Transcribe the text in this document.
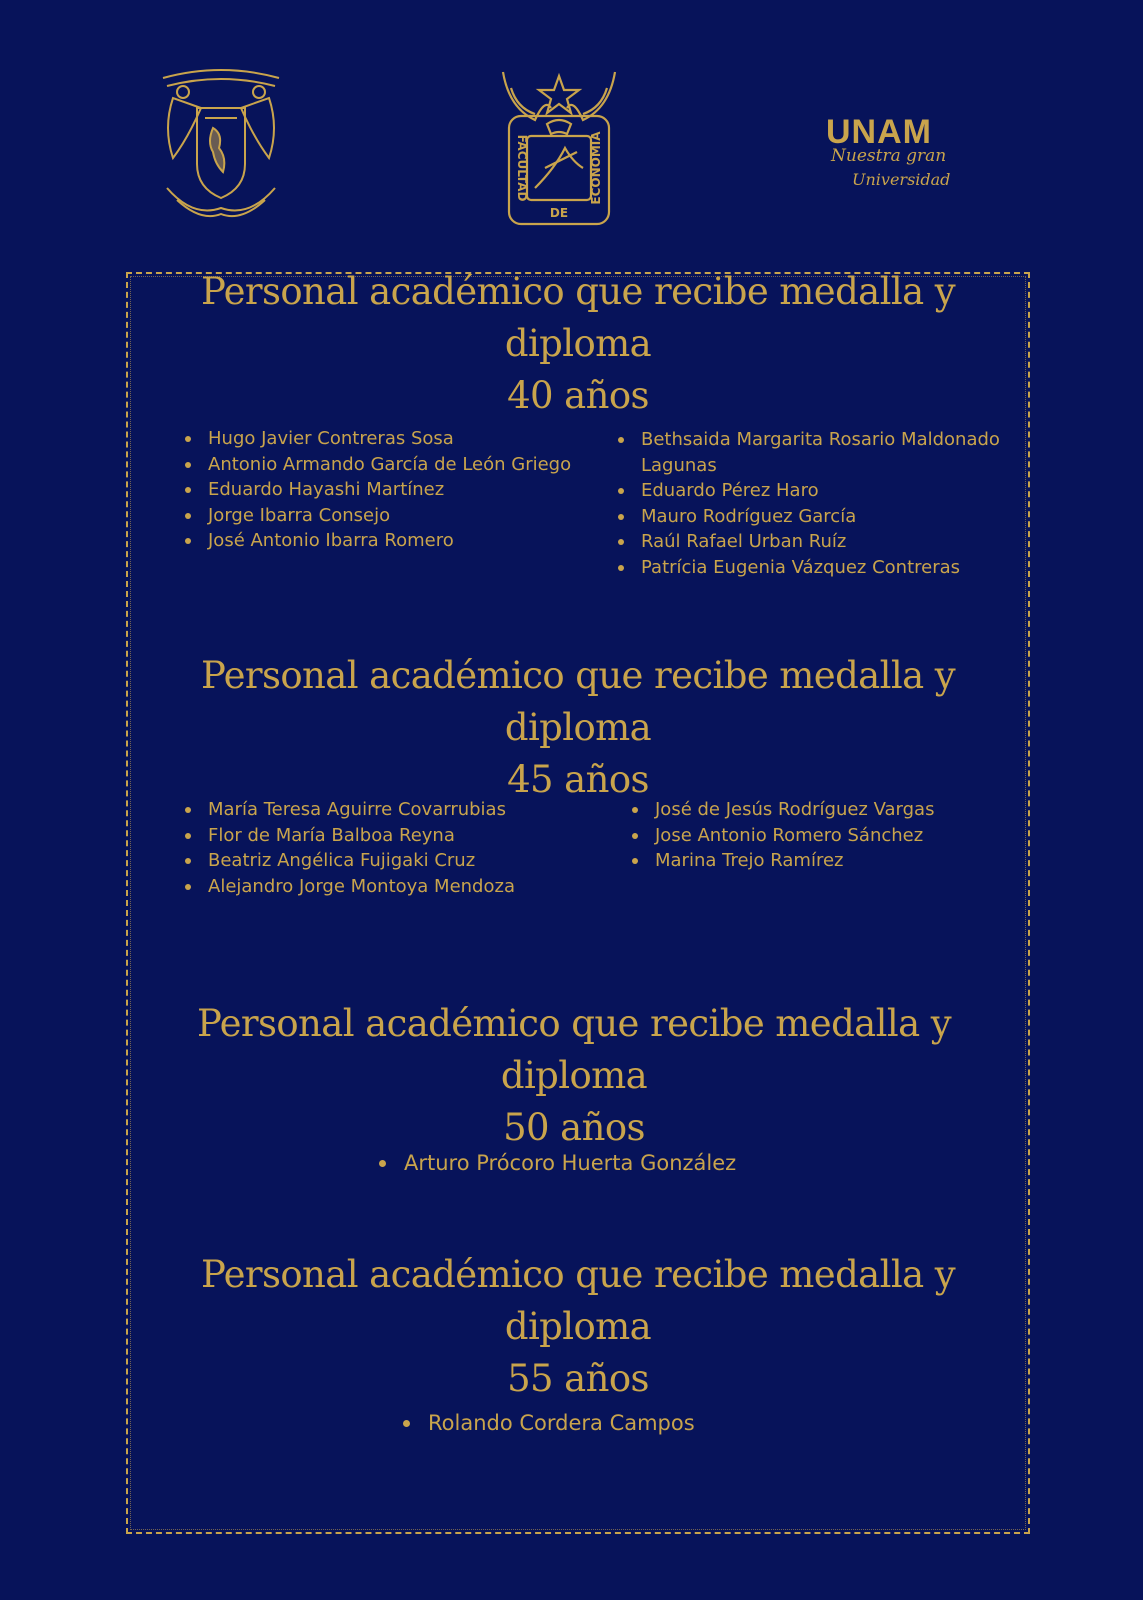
FACULTAD	ECONOMIA
DE
UNAM
Nuestra gran
Universidad
Personal académico que recibe medalla y diploma
40 años
Hugo Javier Contreras Sosa
Antonio Armando García de León Griego
Eduardo Hayashi Martínez
Jorge Ibarra Consejo
José Antonio Ibarra Romero
Bethsaida Margarita Rosario Maldonado Lagunas
Eduardo Pérez Haro
Mauro Rodríguez García
Raúl Rafael Urban Ruíz
Patrícia Eugenia Vázquez Contreras
Personal académico que recibe medalla y diploma
45 años
María Teresa Aguirre Covarrubias
Flor de María Balboa Reyna
Beatriz Angélica Fujigaki Cruz
Alejandro Jorge Montoya Mendoza
José de Jesús Rodríguez Vargas
Jose Antonio Romero Sánchez
Marina Trejo Ramírez
Personal académico que recibe medalla y diploma
50 años
Arturo Prócoro Huerta González
Personal académico que recibe medalla y diploma
55 años
Rolando Cordera Campos
